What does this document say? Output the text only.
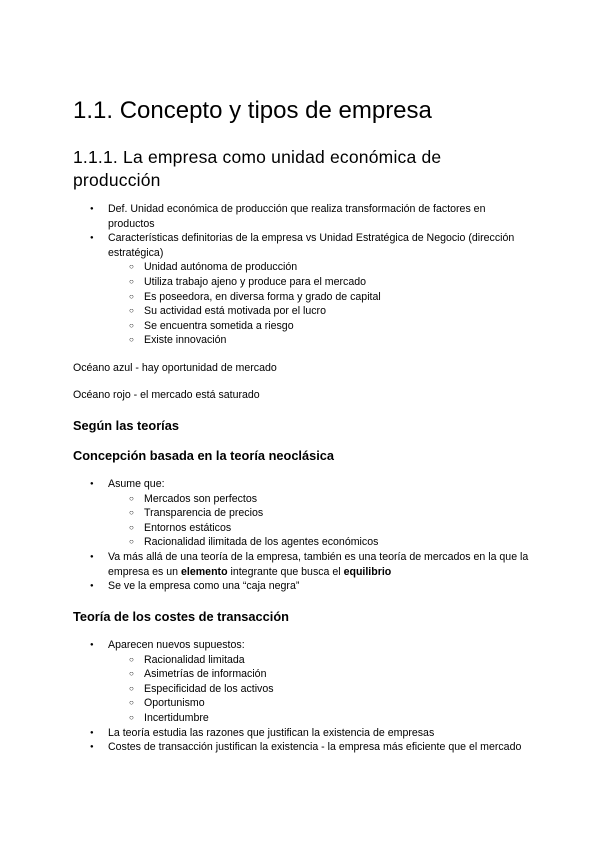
1.1. Concepto y tipos de empresa
1.1.1. La empresa como unidad económica de producción
● Def. Unidad económica de producción que realiza transformación de factores en productos
● Características definitorias de la empresa vs Unidad Estratégica de Negocio (dirección estratégica)
○ Unidad autónoma de producción
○ Utiliza trabajo ajeno y produce para el mercado
○ Es poseedora, en diversa forma y grado de capital
○ Su actividad está motivada por el lucro
○ Se encuentra sometida a riesgo
○ Existe innovación

Océano azul - hay oportunidad de mercado

Océano rojo - el mercado está saturado

Según las teorías
Concepción basada en la teoría neoclásica
● Asume que:
○ Mercados son perfectos
○ Transparencia de precios
○ Entornos estáticos
○ Racionalidad ilimitada de los agentes económicos
● Va más allá de una teoría de la empresa, también es una teoría de mercados en la que la empresa es un elemento integrante que busca el equilibrio
● Se ve la empresa como una “caja negra”
Teoría de los costes de transacción
● Aparecen nuevos supuestos:
○ Racionalidad limitada
○ Asimetrías de información
○ Especificidad de los activos
○ Oportunismo
○ Incertidumbre
● La teoría estudia las razones que justifican la existencia de empresas
● Costes de transacción justifican la existencia - la empresa más eficiente que el mercado
